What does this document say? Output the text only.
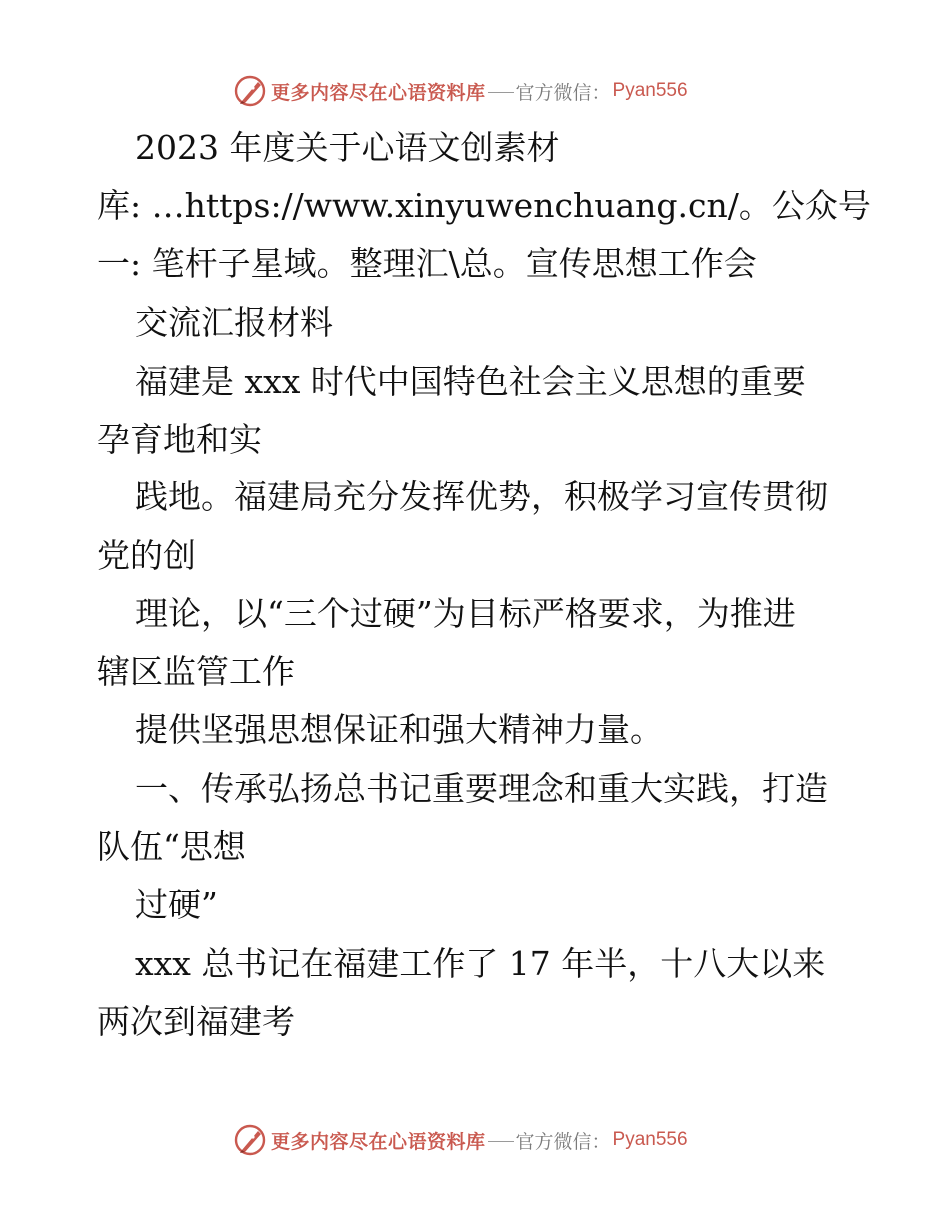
更多内容尽在心语资料库 官方微信： Pyan556
2023 年度关于心语文创素材
库: …https://www.xinyuwenchuang.cn/。公众号
一: 笔杆子星域。整理汇\总。宣传思想工作会
交流汇报材料
福建是 xxx 时代中国特色社会主义思想的重要
孕育地和实
践地。福建局充分发挥优势，积极学习宣传贯彻
党的创
理论，以“三个过硬”为目标严格要求，为推进
辖区监管工作
提供坚强思想保证和强大精神力量。
一、传承弘扬总书记重要理念和重大实践，打造
队伍“思想
过硬”
xxx 总书记在福建工作了 17 年半，十八大以来
两次到福建考
更多内容尽在心语资料库 官方微信： Pyan556
